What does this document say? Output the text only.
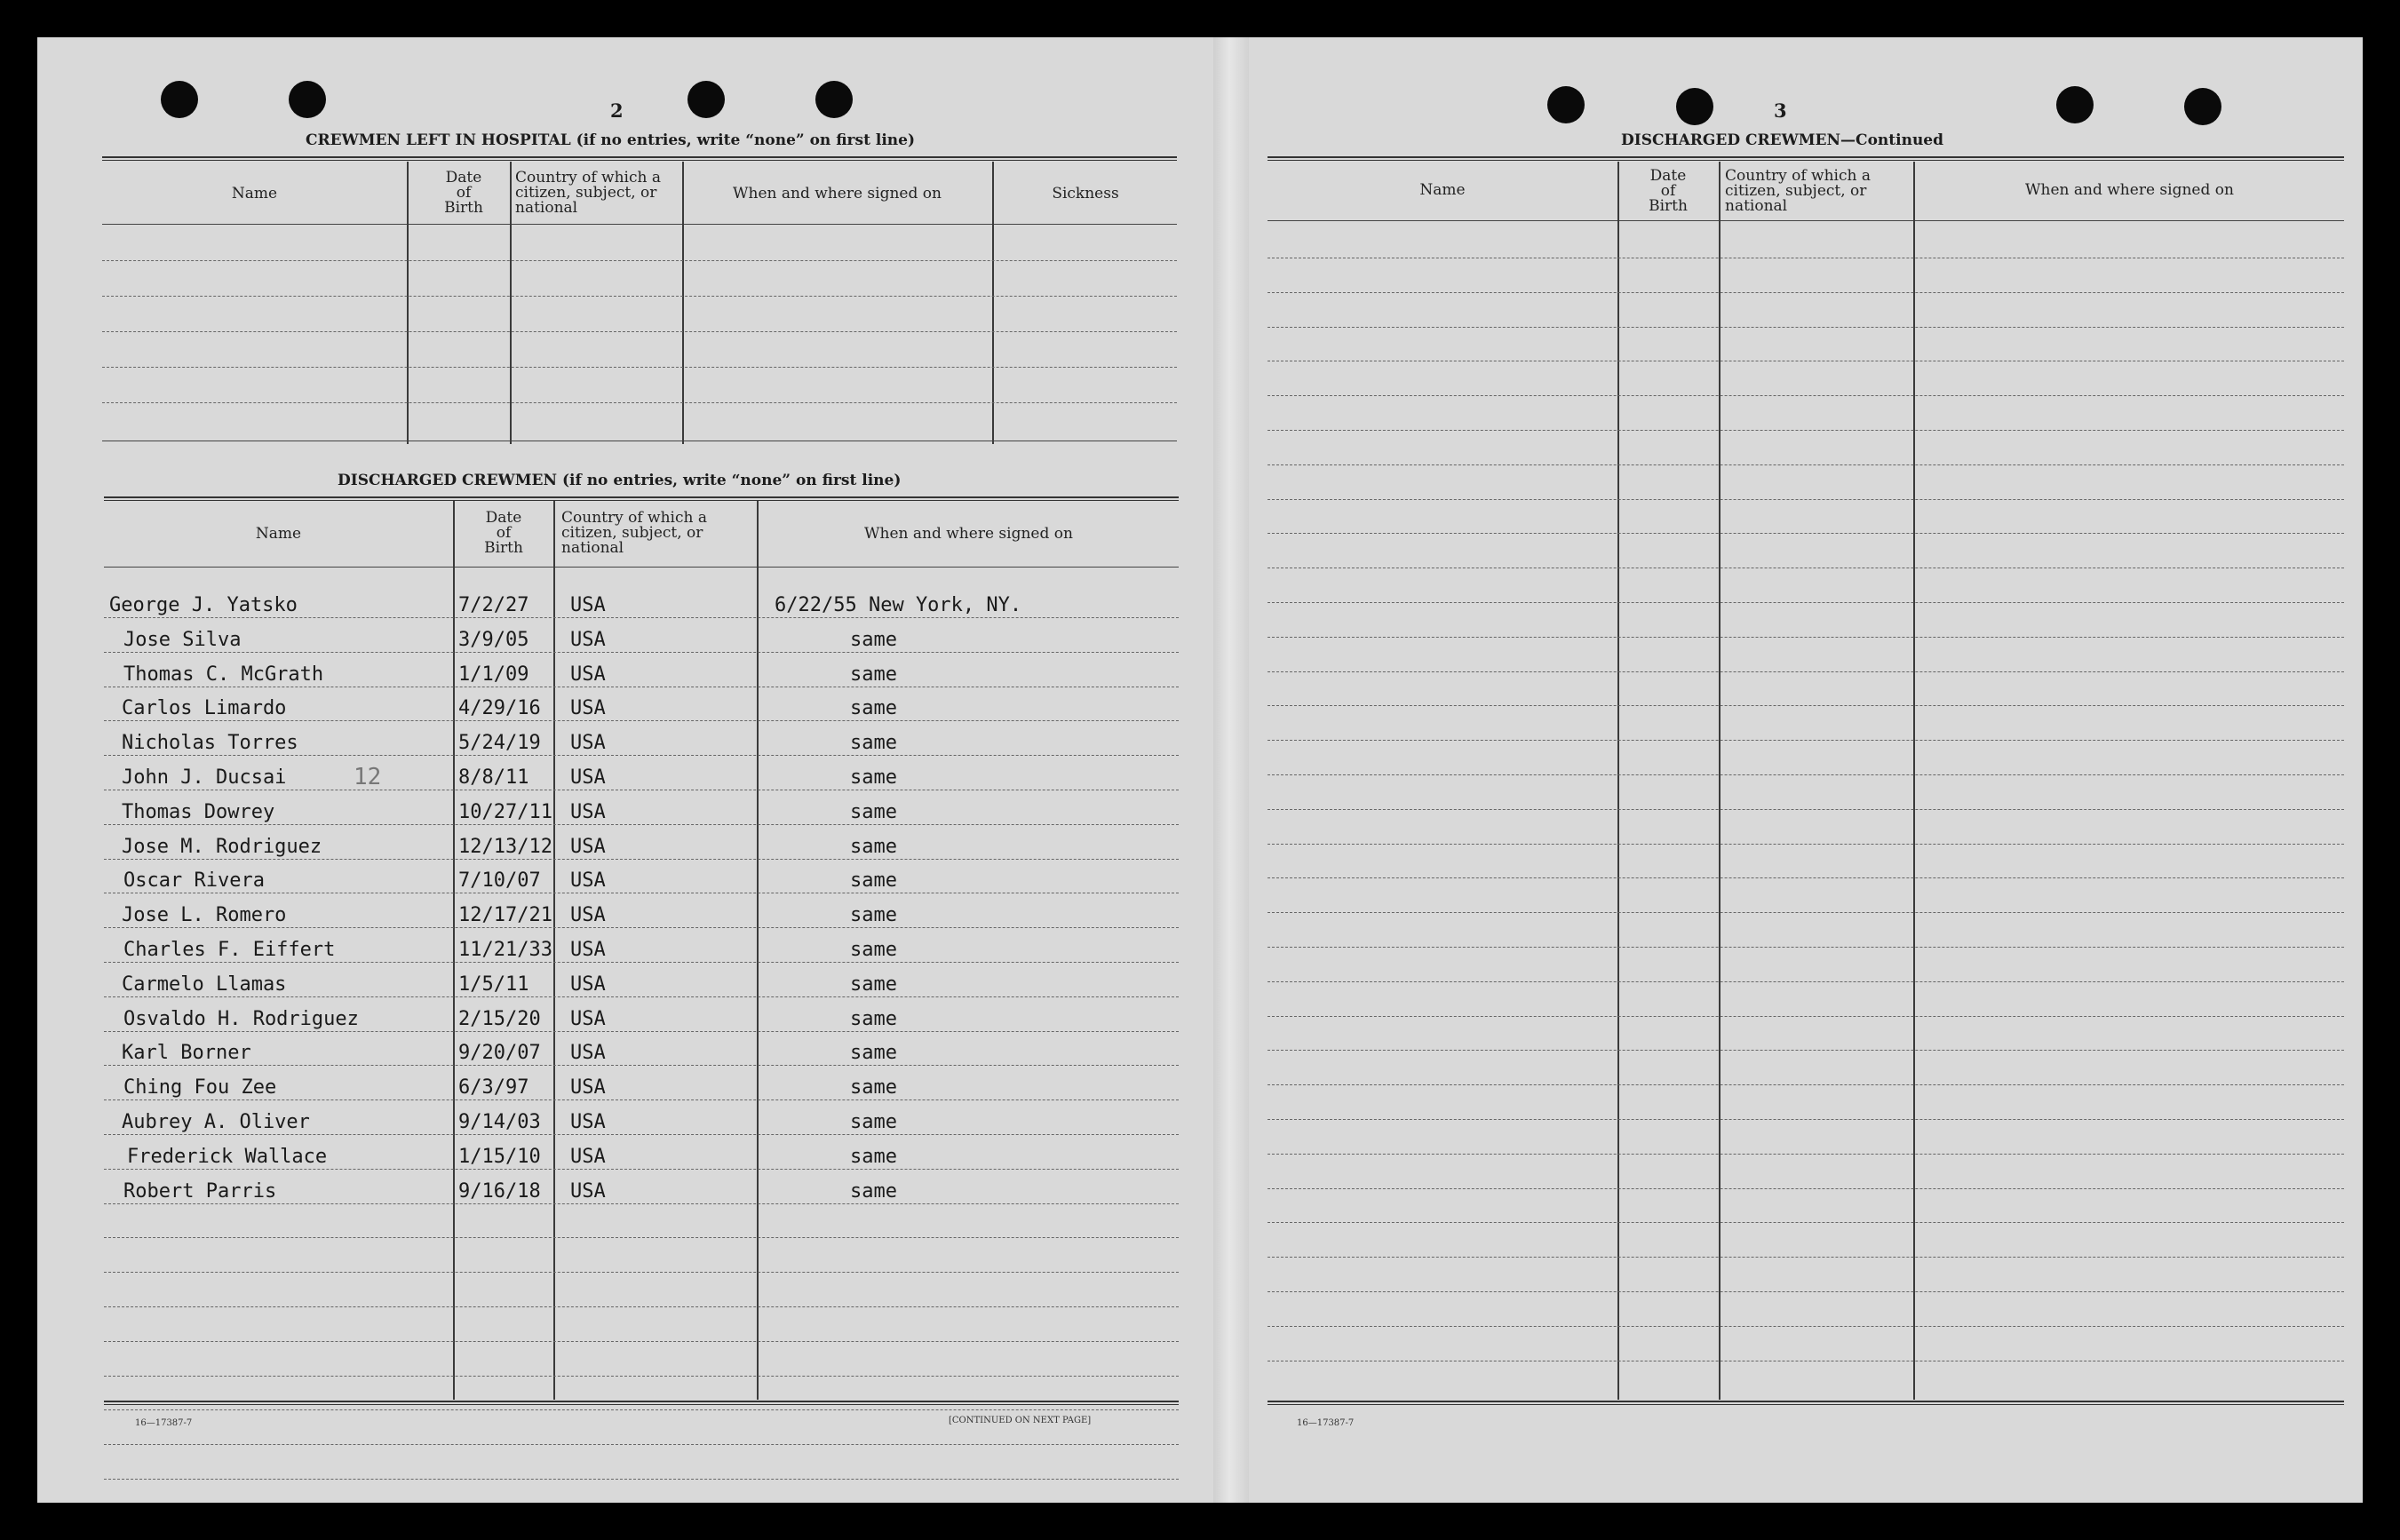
2
CREWMEN LEFT IN HOSPITAL (if no entries, write “none” on first line)
Name
Date of Birth
Country of which a citizen, subject, or national
When and where signed on	Sickness
DISCHARGED CREWMEN (if no entries, write “none” on first line)
Name
Date of Birth
Country of which a citizen, subject, or national
When and where signed on
George J. Yatsko	7/2/27 USA	6/22/55 New York, NY.
Jose Silva	3/9/05 USA	same
Thomas C. McGrath	1/1/09 USA	same
Carlos Limardo	4/29/16 USA	same
Nicholas Torres	5/24/19 USA	same
John J. Ducsai	8/8/11 USA	same
Thomas Dowrey	10/27/11 USA	same
Jose M. Rodriguez	12/13/12 USA	same
Oscar Rivera	7/10/07 USA	same
Jose L. Romero	12/17/21 USA	same
Charles F. Eiffert	11/21/33 USA	same
Carmelo Llamas	1/5/11 USA	same
Osvaldo H. Rodriguez	2/15/20 USA	same
Karl Borner	9/20/07 USA	same
Ching Fou Zee	6/3/97 USA	same
Aubrey A. Oliver	9/14/03 USA	same
Frederick Wallace	1/15/10 USA	same
Robert Parris	9/16/18 USA	same
12
16—17387-7	[CONTINUED ON NEXT PAGE]
3
DISCHARGED CREWMEN—Continued
Name
Date of Birth
Country of which a citizen, subject, or national
When and where signed on
16—17387-7
